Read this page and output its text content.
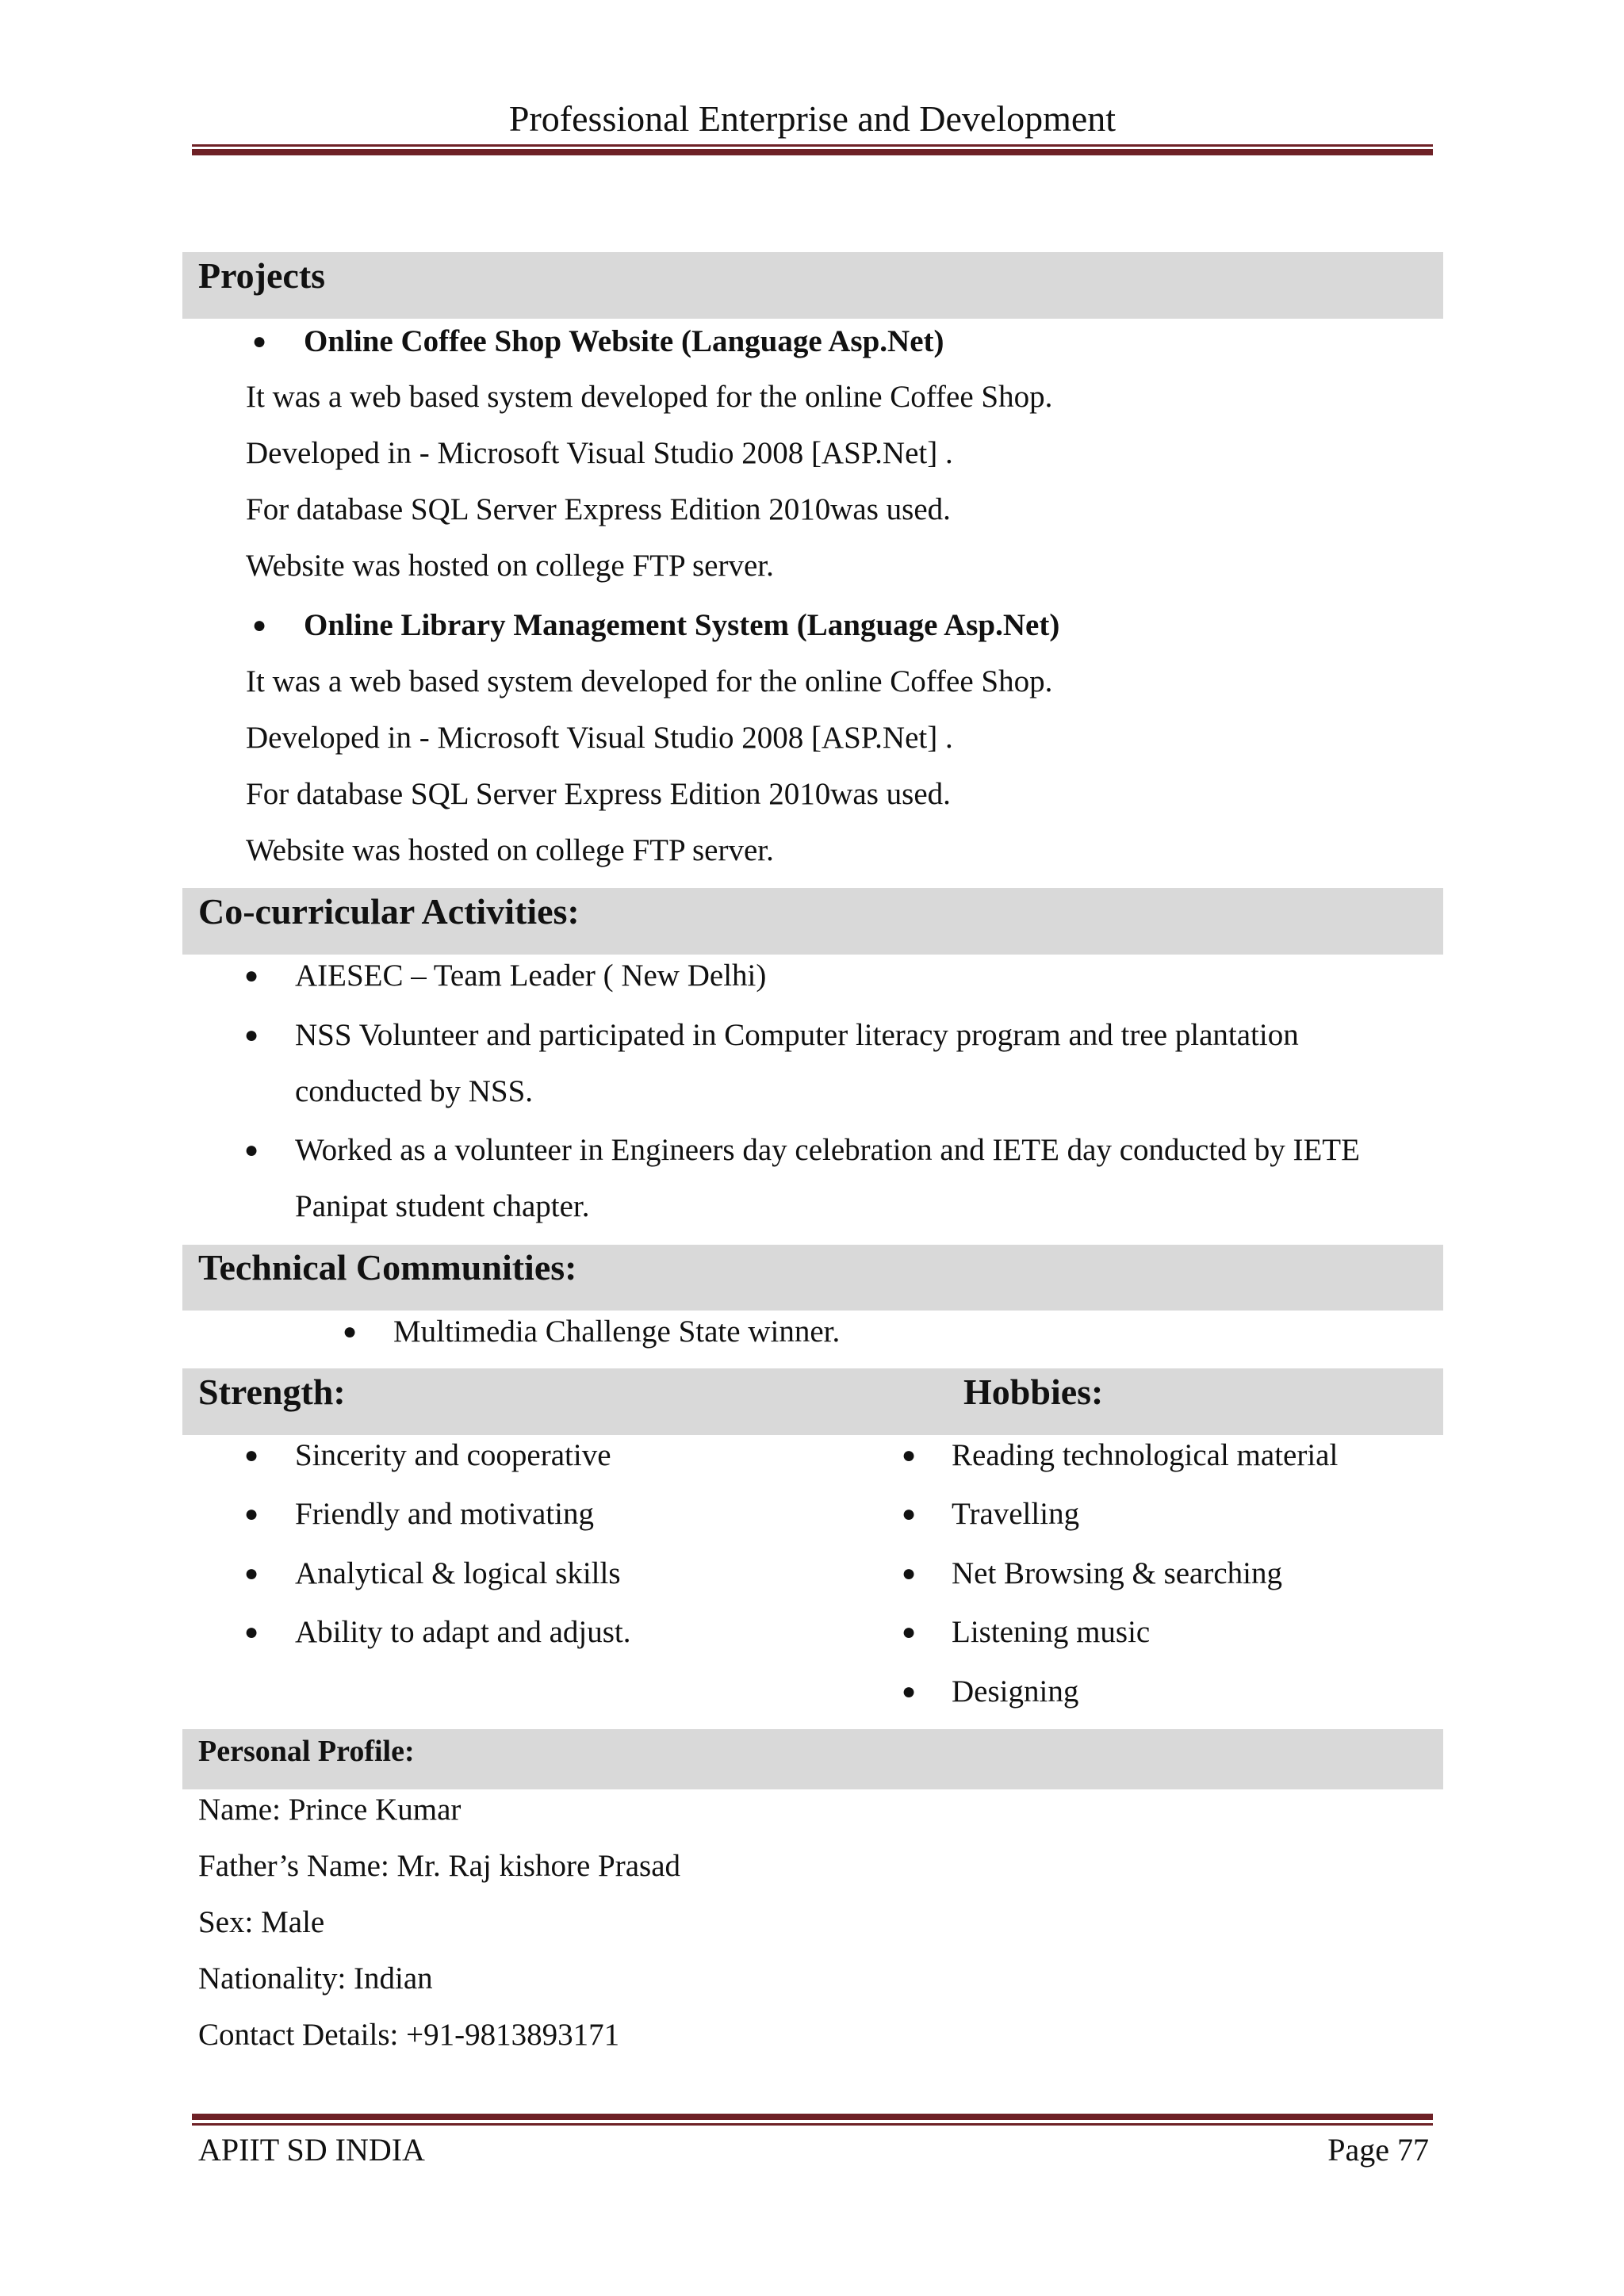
Professional Enterprise and Development
Projects
● Online Coffee Shop Website (Language Asp.Net)
It was a web based system developed for the online Coffee Shop.
Developed in - Microsoft Visual Studio 2008 [ASP.Net] .
For database SQL Server Express Edition 2010was used.
Website was hosted on college FTP server.
● Online Library Management System (Language Asp.Net)
It was a web based system developed for the online Coffee Shop.
Developed in - Microsoft Visual Studio 2008 [ASP.Net] .
For database SQL Server Express Edition 2010was used.
Website was hosted on college FTP server.
Co-curricular Activities:
● AIESEC – Team Leader ( New Delhi)
● NSS Volunteer and participated in Computer literacy program and tree plantation
conducted by NSS.
● Worked as a volunteer in Engineers day celebration and IETE day conducted by IETE
Panipat student chapter.
Technical Communities:
● Multimedia Challenge State winner.
Strength:	Hobbies:
● Sincerity and cooperative
● Friendly and motivating
● Analytical & logical skills
● Ability to adapt and adjust.
● Reading technological material
● Travelling
● Net Browsing & searching
● Listening music
● Designing
Personal Profile:
Name: Prince Kumar
Father’s Name: Mr. Raj kishore Prasad
Sex: Male
Nationality: Indian
Contact Details: +91-9813893171
APIIT SD INDIA	Page 77
